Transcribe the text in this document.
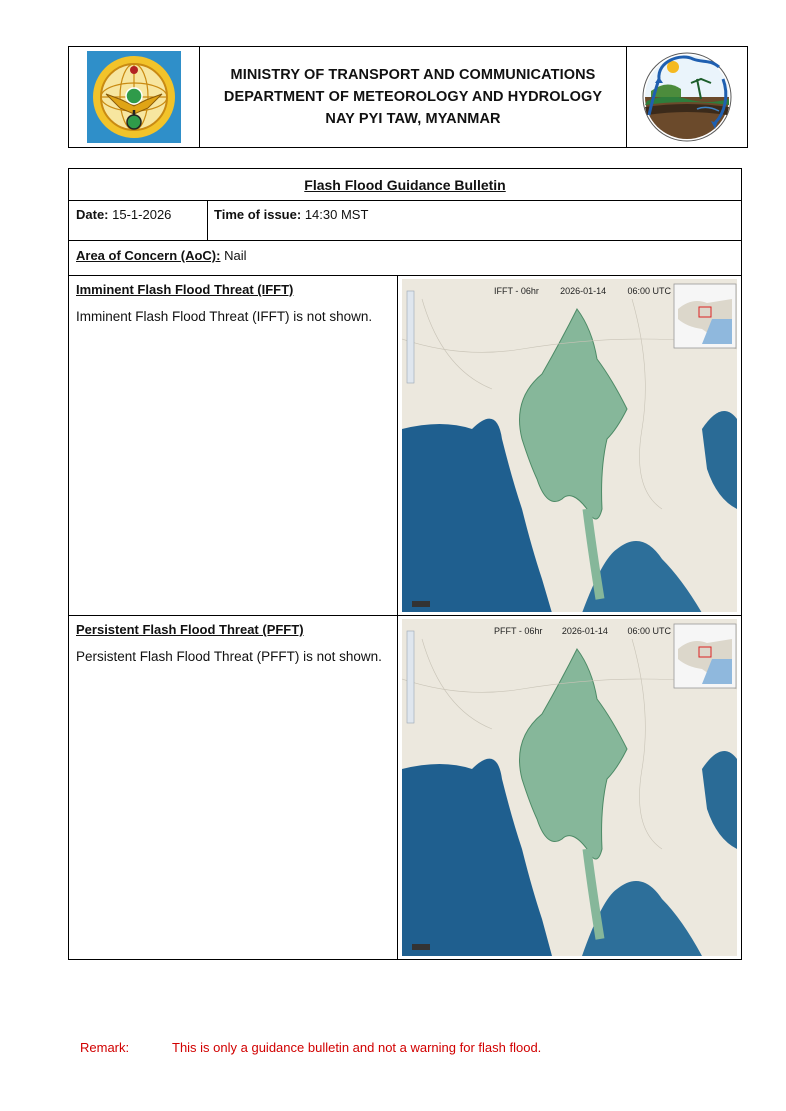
MINISTRY OF TRANSPORT AND COMMUNICATIONS
DEPARTMENT OF METEOROLOGY AND HYDROLOGY
NAY PYI TAW, MYANMAR
Flash Flood Guidance Bulletin
Date: 15-1-2026	Time of issue: 14:30 MST
Area of Concern (AoC): Nail
Imminent Flash Flood Threat (IFFT)
Imminent Flash Flood Threat (IFFT) is not shown.
IFFT - 06hr 2026-01-14 06:00 UTC
Persistent Flash Flood Threat (PFFT)
Persistent Flash Flood Threat (PFFT) is not shown.
PFFT - 06hr 2026-01-14 06:00 UTC
Remark:	This is only a guidance bulletin and not a warning for flash flood.
